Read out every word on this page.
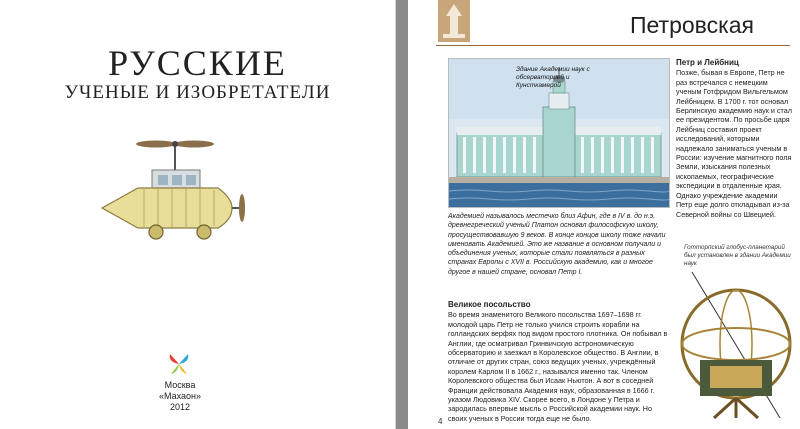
РУССКИЕ
УЧЕНЫЕ И ИЗОБРЕТАТЕЛИ
Москва
«Махаон»
2012
Петровская
Здание Академии наук с обсерваторией и Кунсткамерой
Петр и Лейбниц

Позже, бывая в Европе, Петр не раз встречался с немецким ученым Готфридом Вильгельмом Лейбницем. В 1700 г. тот основал Берлинскую академию наук и стал ее президентом. По просьбе царя Лейбниц составил проект исследований, которыми надлежало заниматься ученым в России: изучение магнитного поля Земли, изыскания полезных ископаемых, географические экспедиции в отдаленные края. Однако учреждение академии Петр еще долго откладывал из-за Северной войны со Швецией.

Академией называлось местечко близ Афин, где в IV в. до н.э. древнегреческий ученый Платон основал философскую школу, просуществовавшую 9 веков. В конце концов школу тоже начали именовать Академией. Это же название в основном получали и объединения ученых, которые стали появляться в разных странах Европы с XVII в. Российскую академию, как и многое другое в нашей стране, основал Петр I.

Великое посольство

Во время знаменитого Великого посольства 1697–1698 гг. молодой царь Петр не только учился строить корабли на голландских верфях под видом простого плотника. Он побывал в Англии, где осматривал Гринвичскую астрономическую обсерваторию и заезжал в Королевское общество. В Англии, в отличие от других стран, союз ведущих ученых, учреждённый королем Карлом II в 1662 г., назывался именно так. Членом Королевского общества был Исаак Ньютон. А вот в соседней Франции действовала Академия наук, образованная в 1666 г. указом Людовика XIV. Скорее всего, в Лондоне у Петра и зародилась впервые мысль о Российской академии наук. Но своих ученых в России тогда еще не было.

Готторпский глобус-планетарий был установлен в здании Академии наук
4
